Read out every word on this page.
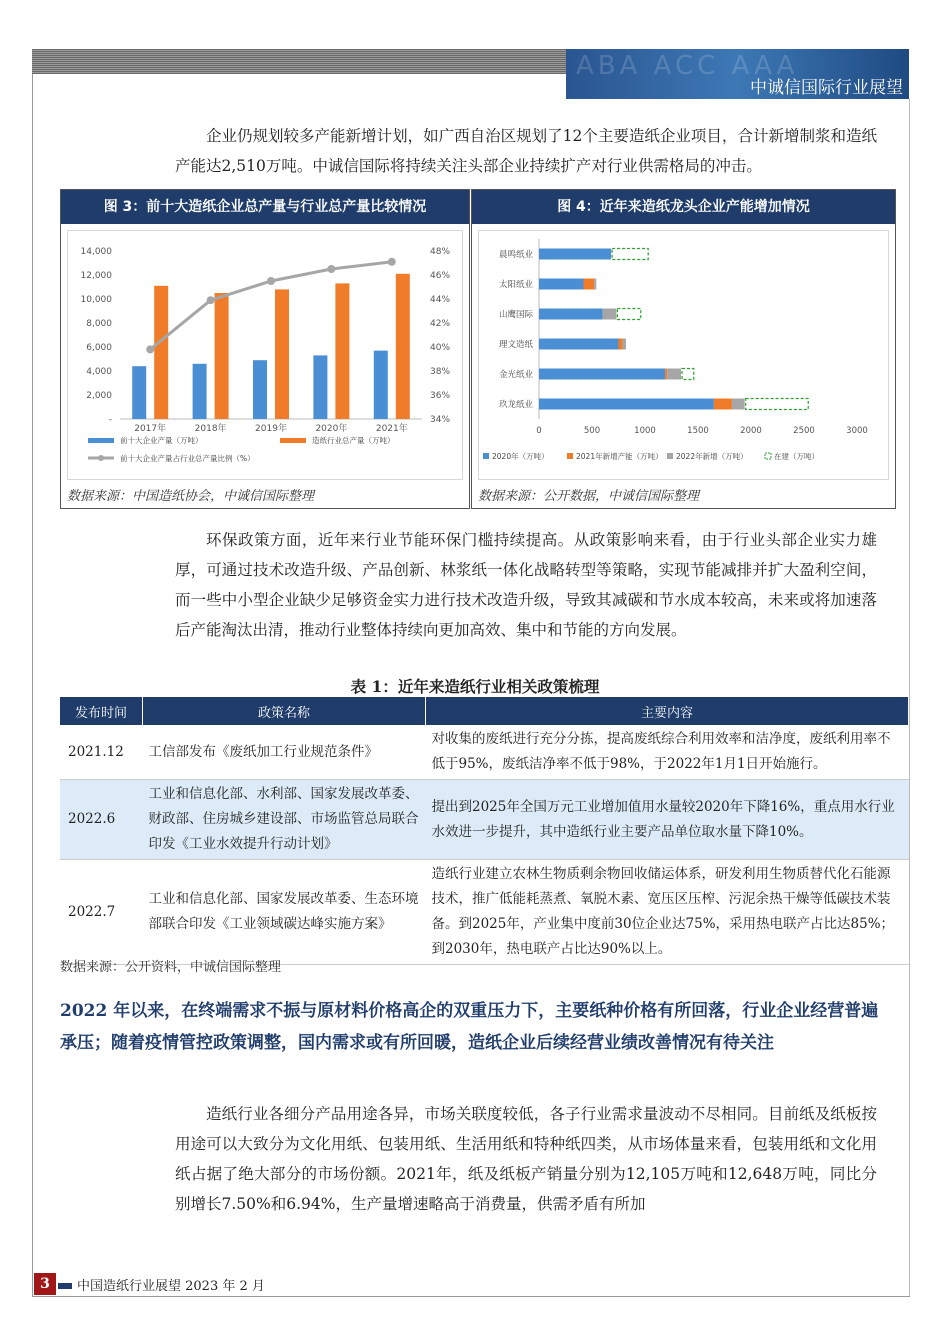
ABA ACC AAA
中诚信国际行业展望

企业仍规划较多产能新增计划，如广西自治区规划了12个主要造纸企业项目，合计新增制浆和造纸产能达2,510万吨。中诚信国际将持续关注头部企业持续扩产对行业供需格局的冲击。

图 3：前十大造纸企业总产量与行业总产量比较情况
14,000
12,000
10,000
8,000
6,000
4,000
2,000
-
48%
46%
44%
42%
40%
38%
36%
34%
2017年	2018年	2019年	2020年	2021年
前十大企业产量（万吨）	造纸行业总产量（万吨）
前十大企业产量占行业总产量比例（%）
数据来源：中国造纸协会，中诚信国际整理
图 4：近年来造纸龙头企业产能增加情况
晨鸣纸业
太阳纸业
山鹰国际
理文造纸
金光纸业
玖龙纸业
0	500	1000	1500	2000	2500	3000
2020年（万吨）	2021年新增产能（万吨） 2022年新增（万吨）	在建（万吨）
数据来源：公开数据，中诚信国际整理

环保政策方面，近年来行业节能环保门槛持续提高。从政策影响来看，由于行业头部企业实力雄厚，可通过技术改造升级、产品创新、林浆纸一体化战略转型等策略，实现节能减排并扩大盈利空间，而一些中小型企业缺少足够资金实力进行技术改造升级，导致其减碳和节水成本较高，未来或将加速落后产能淘汰出清，推动行业整体持续向更加高效、集中和节能的方向发展。

表 1：近年来造纸行业相关政策梳理
发布时间	政策名称	主要内容
2021.12	工信部发布《废纸加工行业规范条件》	对收集的废纸进行充分分拣，提高废纸综合利用效率和洁净度，废纸利用率不低于95%，废纸洁净率不低于98%，于2022年1月1日开始施行。
2022.6	工业和信息化部、水利部、国家发展改革委、财政部、住房城乡建设部、市场监管总局联合印发《工业水效提升行动计划》	提出到2025年全国万元工业增加值用水量较2020年下降16%，重点用水行业水效进一步提升，其中造纸行业主要产品单位取水量下降10%。
2022.7	工业和信息化部、国家发展改革委、生态环境部联合印发《工业领域碳达峰实施方案》	造纸行业建立农林生物质剩余物回收储运体系，研发利用生物质替代化石能源技术，推广低能耗蒸煮、氧脱木素、宽压区压榨、污泥余热干燥等低碳技术装备。到2025年，产业集中度前30位企业达75%，采用热电联产占比达85%；到2030年，热电联产占比达90%以上。
数据来源：公开资料，中诚信国际整理

2022 年以来，在终端需求不振与原材料价格高企的双重压力下，主要纸种价格有所回落，行业企业经营普遍承压；随着疫情管控政策调整，国内需求或有所回暖，造纸企业后续经营业绩改善情况有待关注

造纸行业各细分产品用途各异，市场关联度较低，各子行业需求量波动不尽相同。目前纸及纸板按用途可以大致分为文化用纸、包装用纸、生活用纸和特种纸四类，从市场体量来看，包装用纸和文化用纸占据了绝大部分的市场份额。2021年，纸及纸板产销量分别为12,105万吨和12,648万吨，同比分别增长7.50%和6.94%，生产量增速略高于消费量，供需矛盾有所加

3	中国造纸行业展望 2023 年 2 月
